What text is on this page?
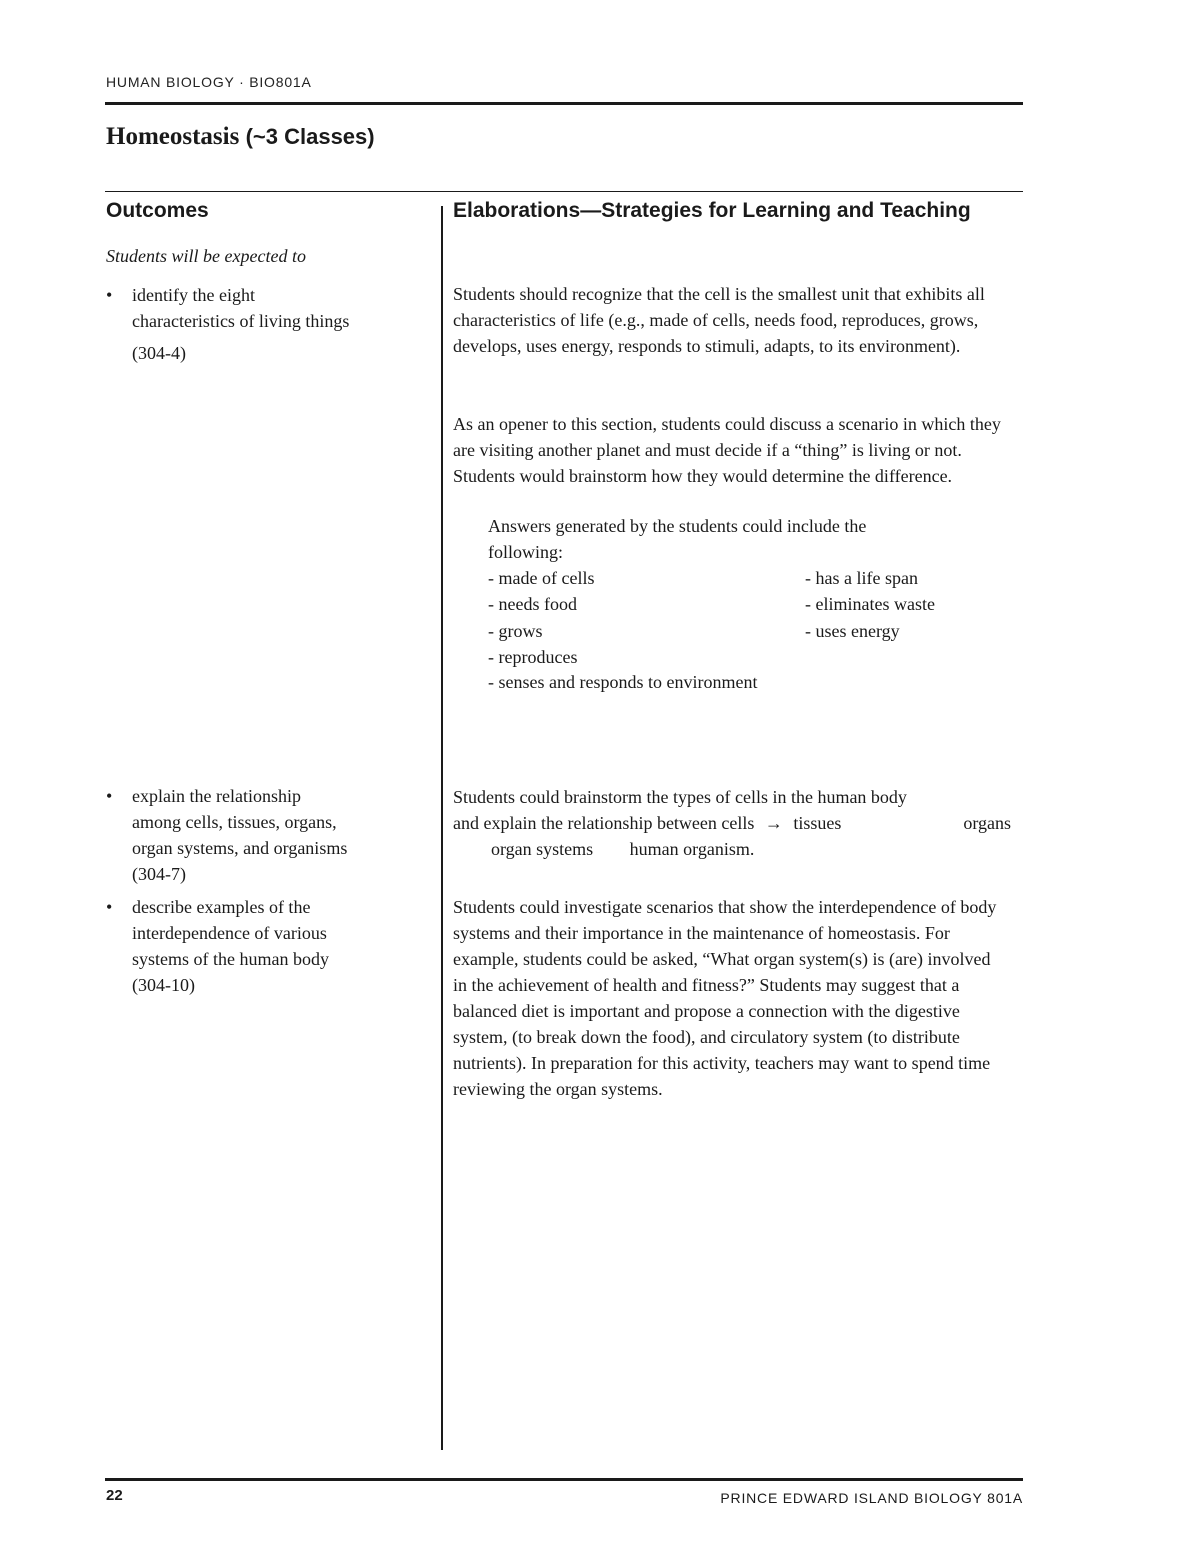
HUMAN BIOLOGY · BIO801A
Homeostasis (~3 Classes)
Outcomes	Elaborations—Strategies for Learning and Teaching
Students will be expected to
• identify the eight
characteristics of living things
(304-4)
• explain the relationship
among cells, tissues, organs,
organ systems, and organisms
(304-7)
• describe examples of the
interdependence of various
systems of the human body
(304-10)

Students should recognize that the cell is the smallest unit that exhibits all characteristics of life (e.g., made of cells, needs food, reproduces, grows, develops, uses energy, responds to stimuli, adapts, to its environment).

As an opener to this section, students could discuss a scenario in which they are visiting another planet and must decide if a “thing” is living or not. Students would brainstorm how they would determine the difference.

Answers generated by the students could include the
following:
- made of cells
- needs food
- grows
- reproduces
- senses and responds to environment
- has a life span
- eliminates waste
- uses energy
Students could brainstorm the types of cells in the human body
and explain the relationship between cells → tissues	organs

organ systems human organism.

Students could investigate scenarios that show the interdependence of body systems and their importance in the maintenance of homeostasis. For example, students could be asked, “What organ system(s) is (are) involved in the achievement of health and fitness?” Students may suggest that a balanced diet is important and propose a connection with the digestive system, (to break down the food), and circulatory system (to distribute nutrients). In preparation for this activity, teachers may want to spend time reviewing the organ systems.

22	PRINCE EDWARD ISLAND BIOLOGY 801A
